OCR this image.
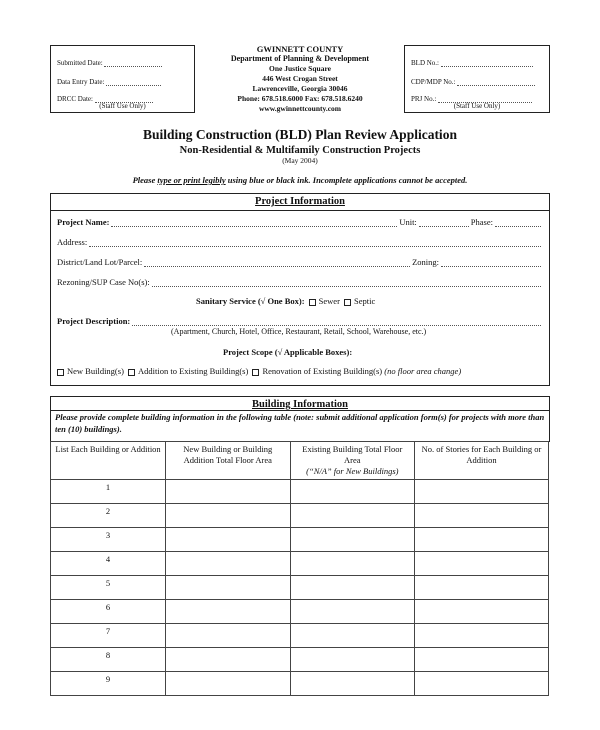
Submitted Date:
Data Entry Date:
DRCC Date:
(Staff Use Only)
GWINNETT COUNTY
Department of Planning & Development
One Justice Square
446 West Crogan Street
Lawrenceville, Georgia 30046
Phone: 678.518.6000 Fax: 678.518.6240
www.gwinnettcounty.com
BLD No.:
CDP/MDP No.:
PRJ No.:
(Staff Use Only)
Building Construction (BLD) Plan Review Application
Non-Residential & Multifamily Construction Projects
(May 2004)
Please type or print legibly using blue or black ink. Incomplete applications cannot be accepted.
Project Information
Project Name:	Unit:	Phase:
Address:
District/Land Lot/Parcel:	Zoning:
Rezoning/SUP Case No(s):
Sanitary Service (√ One Box): Sewer Septic
Project Description:
(Apartment, Church, Hotel, Office, Restaurant, Retail, School, Warehouse, etc.)
Project Scope (√ Applicable Boxes):
New Building(s) Addition to Existing Building(s) Renovation of Existing Building(s) (no floor area change)
Building Information
Please provide complete building information in the following table (note: submit additional application form(s) for projects with more than ten (10) buildings).
List Each Building or Addition	New Building or Building Addition Total Floor Area	Existing Building Total Floor Area
(“N/A” for New Buildings)	No. of Stories for Each Building or Addition
1			
2			
3			
4			
5			
6			
7			
8			
9			
